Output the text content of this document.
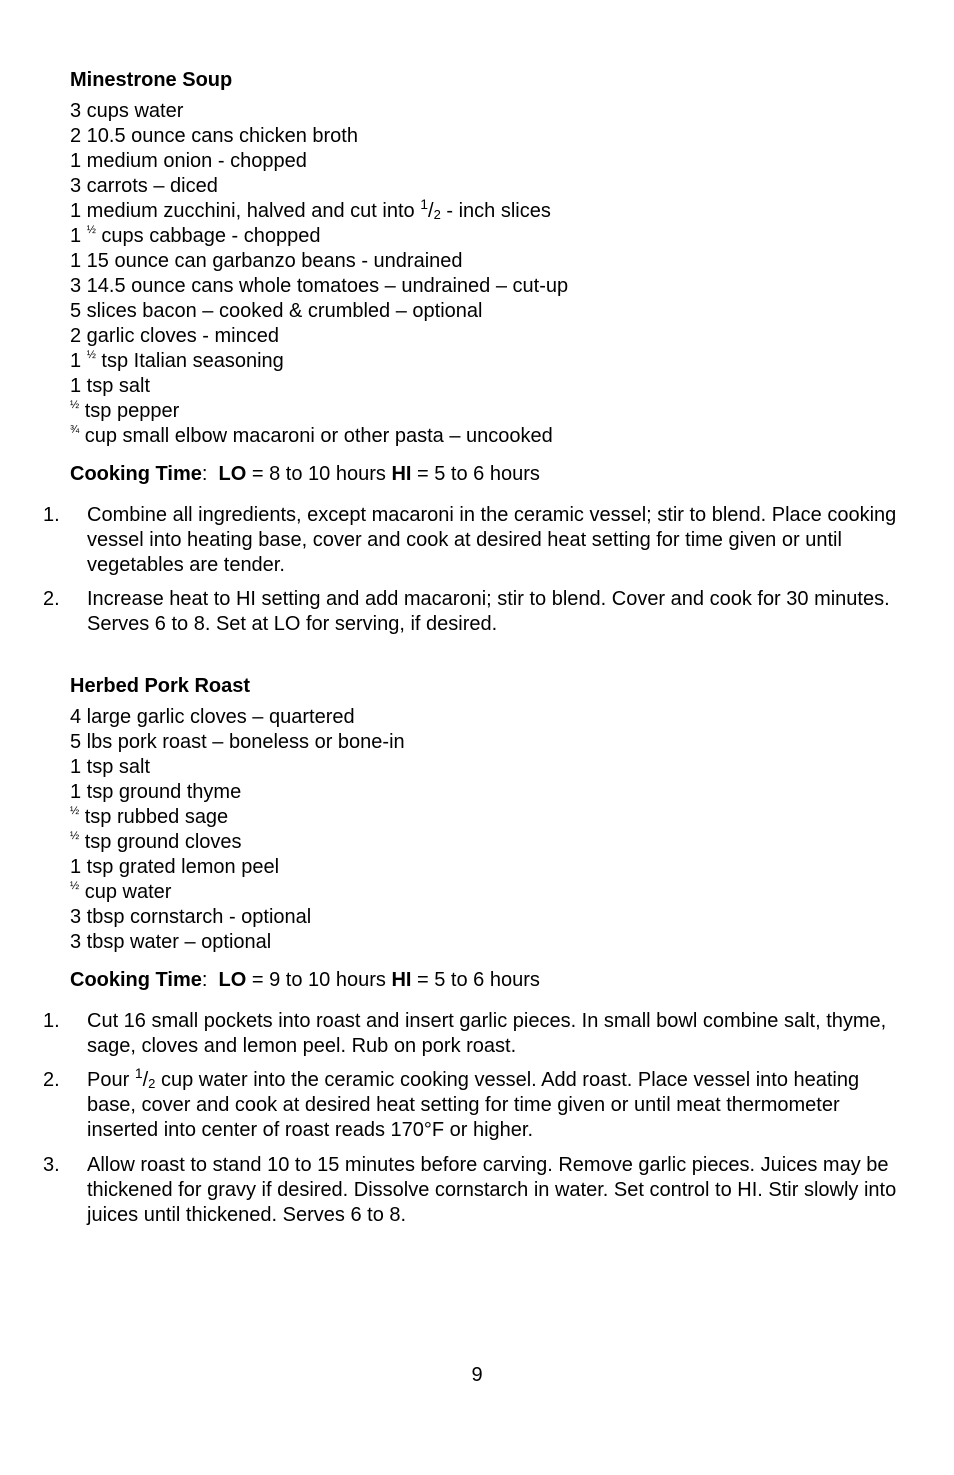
Minestrone Soup
3 cups water
2 10.5 ounce cans chicken broth
1 medium onion - chopped
3 carrots – diced
1 medium zucchini, halved and cut into $^1$/2 - inch slices
1 $^{\frac{1}{2}}$ cups cabbage - chopped
1 15 ounce can garbanzo beans - undrained
3 14.5 ounce cans whole tomatoes – undrained – cut-up
5 slices bacon – cooked & crumbled – optional
2 garlic cloves - minced
1 $^{\frac{1}{2}}$ tsp Italian seasoning
1 tsp salt
$^{\frac{1}{2}}$ tsp pepper
$^{\frac{3}{4}}$ cup small elbow macaroni or other pasta – uncooked
Cooking Time:  LO = 8 to 10 hours HI = 5 to 6 hours
1. Combine all ingredients, except macaroni in the ceramic vessel; stir to blend. Place cooking vessel into heating base, cover and cook at desired heat setting for time given or until vegetables are tender.
2. Increase heat to HI setting and add macaroni; stir to blend. Cover and cook for 30 minutes. Serves 6 to 8. Set at LO for serving, if desired.
Herbed Pork Roast
4 large garlic cloves – quartered
5 lbs pork roast – boneless or bone-in
1 tsp salt
1 tsp ground thyme
$^{\frac{1}{2}}$ tsp rubbed sage
$^{\frac{1}{2}}$ tsp ground cloves
1 tsp grated lemon peel
$^{\frac{1}{2}}$ cup water
3 tbsp cornstarch - optional
3 tbsp water – optional
Cooking Time:  LO = 9 to 10 hours HI = 5 to 6 hours
1. Cut 16 small pockets into roast and insert garlic pieces. In small bowl combine salt, thyme, sage, cloves and lemon peel. Rub on pork roast.
2. Pour $^1$/2 cup water into the ceramic cooking vessel. Add roast. Place vessel into heating base, cover and cook at desired heat setting for time given or until meat thermometer inserted into center of roast reads 170°F or higher.
3. Allow roast to stand 10 to 15 minutes before carving. Remove garlic pieces. Juices may be thickened for gravy if desired. Dissolve cornstarch in water. Set control to HI. Stir slowly into juices until thickened. Serves 6 to 8.
9
